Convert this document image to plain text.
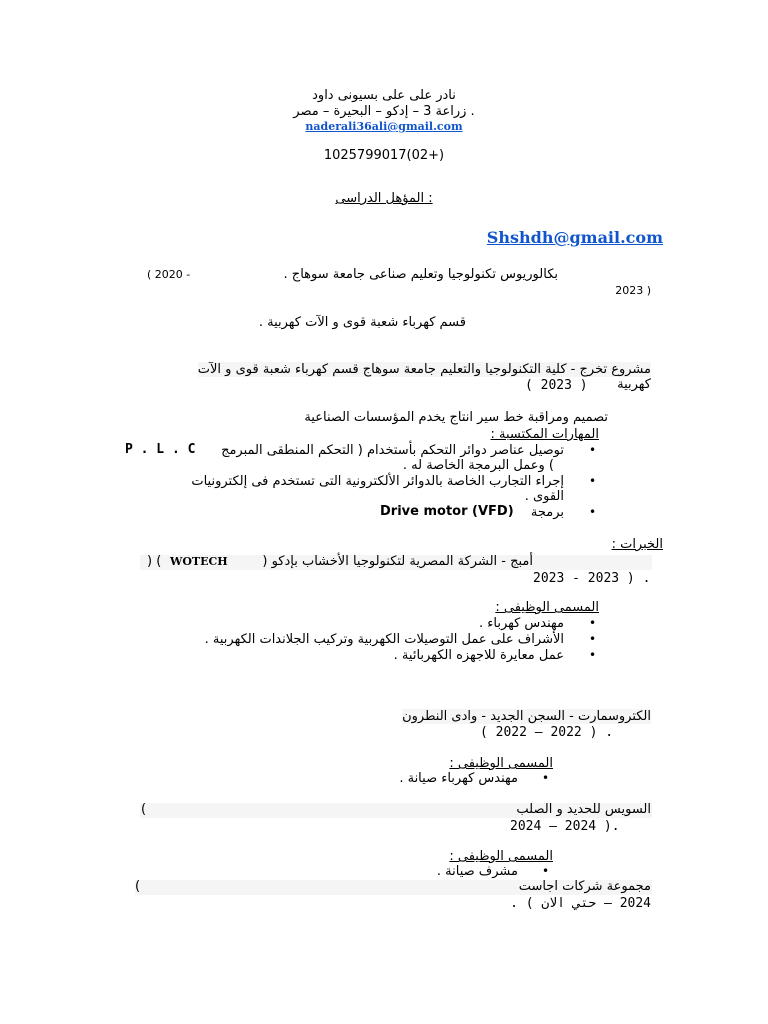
نادر على على بسيونى داود
زراعة 3 – إدكو – البحيرة – مصر .
naderali36ali@gmail.com
1025799017(02+)
المؤهل الدراسى :
Shshdh@gmail.com
بكالوريوس تكنولوجيا وتعليم صناعى جامعة سوهاج .
( 2020 -
2023 )
قسم كهرباء شعبة قوى و الآت كهربية .
مشروع تخرج - كلية التكنولوجيا والتعليم جامعة سوهاج قسم كهرباء شعبة قوى و الآت
كهربية
( 2023 )
تصميم ومراقبة خط سير انتاج يخدم المؤسسات الصناعية
المهارات المكتسبة :
•
توصيل عناصر دوائر التحكم بأستخدام ( التحكم المنطقى المبرمج
P . L . C
) وعمل البرمجة الخاصة له .
•
إجراء التجارب الخاصة بالدوائر الألكترونية التى تستخدم فى إلكترونيات
القوى .
•
برمجة
Drive motor (VFD)
الخبرات :
أمبج - الشركة المصرية لتكنولوجيا الأخشاب بإدكو (
WOTECH
) (
2023 - 2023 ) .
المسمى الوظيفى :
•
مهندس كهرباء .
•
الأشراف على عمل التوصيلات الكهربية وتركيب الجلاندات الكهربية .
•
عمل معايرة للاجهزه الكهربائية .
الكتروسمارت - السجن الجديد - وادى النطرون
( 2022 – 2022 ) .
المسمى الوظيفى :
•
مهندس كهرباء صيانة .
السويس للحديد و الصلب
(
2024 – 2024 ).
المسمى الوظيفى :
•
مشرف صيانة .
مجموعة شركات اجاست
(
2024 – حتي الان ) .
